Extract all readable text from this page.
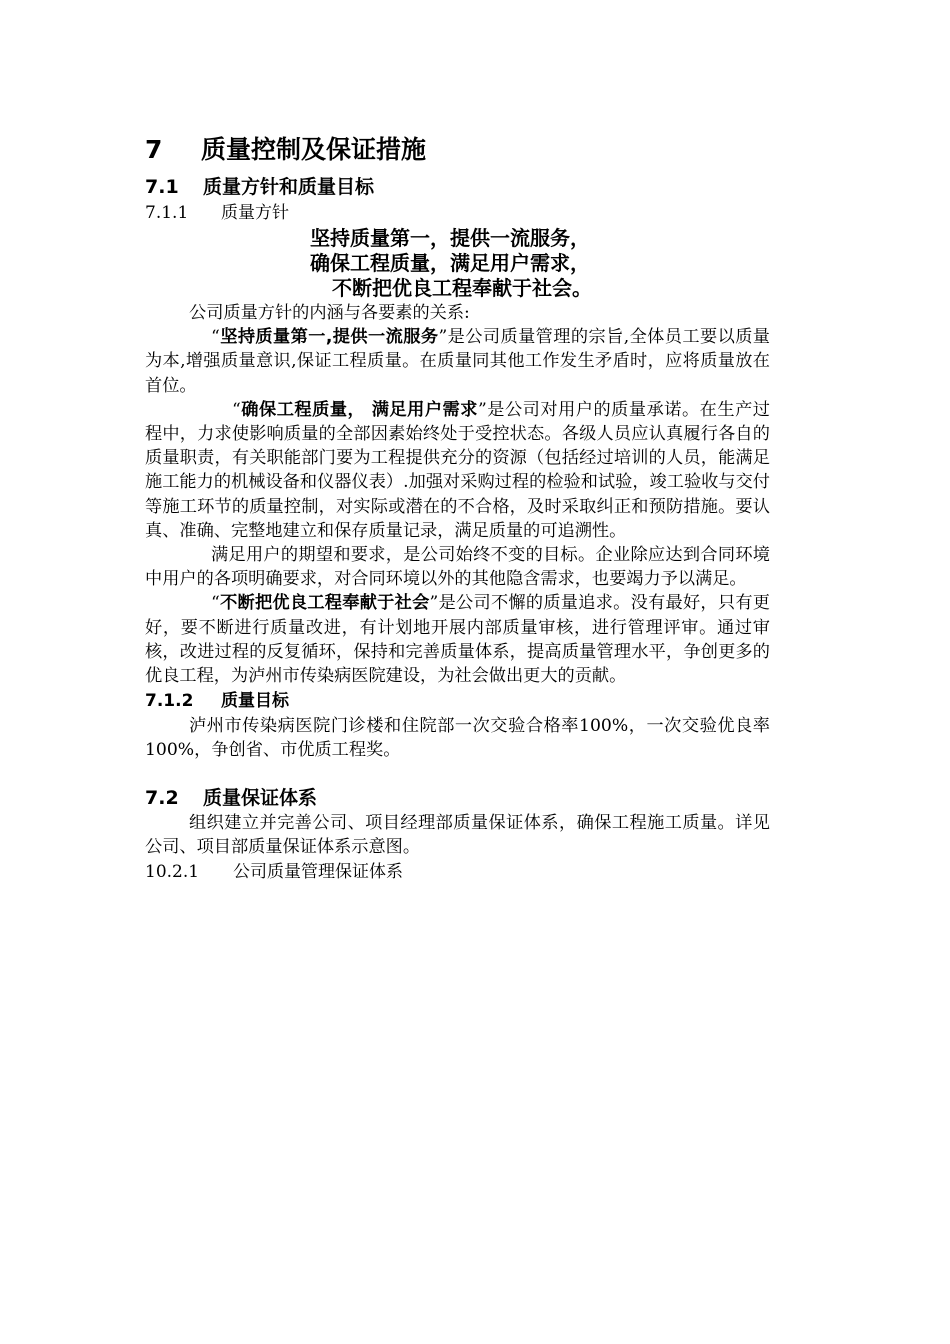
7 质量控制及保证措施
7.1 质量方针和质量目标
7.1.1 质量方针
坚持质量第一，提供一流服务，
确保工程质量，满足用户需求，
不断把优良工程奉献于社会。

公司质量方针的内涵与各要素的关系:

“坚持质量第一,提供一流服务”是公司质量管理的宗旨,全体员工要以质量为本,增强质量意识,保证工程质量。在质量同其他工作发生矛盾时，应将质量放在首位。

“确保工程质量， 满足用户需求”是公司对用户的质量承诺。在生产过程中，力求使影响质量的全部因素始终处于受控状态。各级人员应认真履行各自的质量职责，有关职能部门要为工程提供充分的资源（包括经过培训的人员，能满足施工能力的机械设备和仪器仪表）.加强对采购过程的检验和试验，竣工验收与交付等施工环节的质量控制，对实际或潜在的不合格，及时采取纠正和预防措施。要认真、准确、完整地建立和保存质量记录，满足质量的可追溯性。

满足用户的期望和要求，是公司始终不变的目标。企业除应达到合同环境中用户的各项明确要求，对合同环境以外的其他隐含需求，也要竭力予以满足。

“不断把优良工程奉献于社会”是公司不懈的质量追求。没有最好，只有更好，要不断进行质量改进，有计划地开展内部质量审核，进行管理评审。通过审核，改进过程的反复循环，保持和完善质量体系，提高质量管理水平，争创更多的优良工程，为泸州市传染病医院建设，为社会做出更大的贡献。

7.1.2 质量目标

泸州市传染病医院门诊楼和住院部一次交验合格率100%，一次交验优良率100%，争创省、市优质工程奖。

7.2 质量保证体系

组织建立并完善公司、项目经理部质量保证体系，确保工程施工质量。详见公司、项目部质量保证体系示意图。

10.2.1 公司质量管理保证体系
